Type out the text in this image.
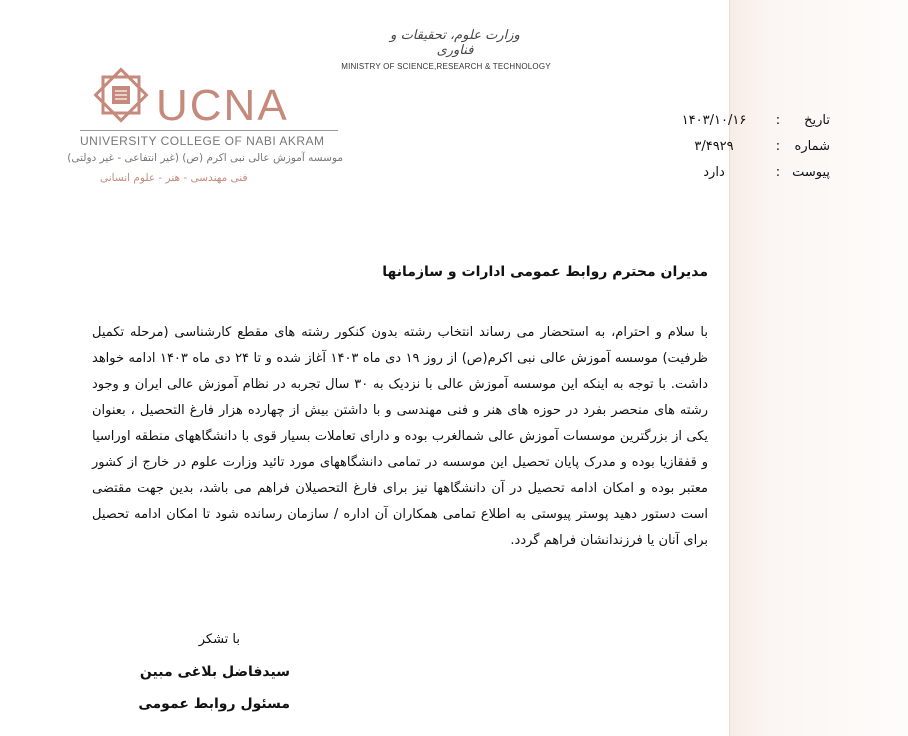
وزارت علوم، تحقیقات و فناوری
MINISTRY OF SCIENCE,RESEARCH & TECHNOLOGY
UCNA
UNIVERSITY COLLEGE OF NABI AKRAM
موسسه آموزش عالی نبی اکرم (ص) (غیر انتفاعی - غیر دولتی)
فنی مهندسی - هنر - علوم انسانی
تاریخ
:
۱۴۰۳/۱۰/۱۶
شماره
:
۳/۴۹۲۹
پیوست
:
دارد
مدیران محترم روابط عمومی ادارات و سازمانها
با سلام و احترام، به استحضار می رساند انتخاب رشته بدون کنکور رشته های مقطع کارشناسی (مرحله تکمیل ظرفیت) موسسه آموزش عالی نبی اکرم(ص) از روز ۱۹ دی ماه ۱۴۰۳ آغاز شده و تا ۲۴ دی ماه ۱۴۰۳ ادامه خواهد داشت. با توجه به اینکه این موسسه آموزش عالی با نزدیک به ۳۰ سال تجربه در نظام آموزش عالی ایران و وجود رشته های منحصر بفرد در حوزه های هنر و فنی مهندسی و با داشتن بیش از چهارده هزار فارغ التحصیل ، بعنوان یکی از بزرگترین موسسات آموزش عالی شمالغرب بوده و دارای تعاملات بسیار قوی با دانشگاههای منطقه اوراسیا و قفقازیا بوده و مدرک پایان تحصیل این موسسه در تمامی دانشگاههای مورد تائید وزارت علوم در خارج از کشور معتبر بوده و امکان ادامه تحصیل در آن دانشگاهها نیز برای فارغ التحصیلان فراهم می باشد، بدین جهت مقتضی است دستور دهید پوستر پیوستی به اطلاع تمامی همکاران آن اداره / سازمان رسانده شود تا امکان ادامه تحصیل برای آنان یا فرزندانشان فراهم گردد.
با تشکر
سیدفاضل بلاغی مبین
مسئول روابط عمومی
